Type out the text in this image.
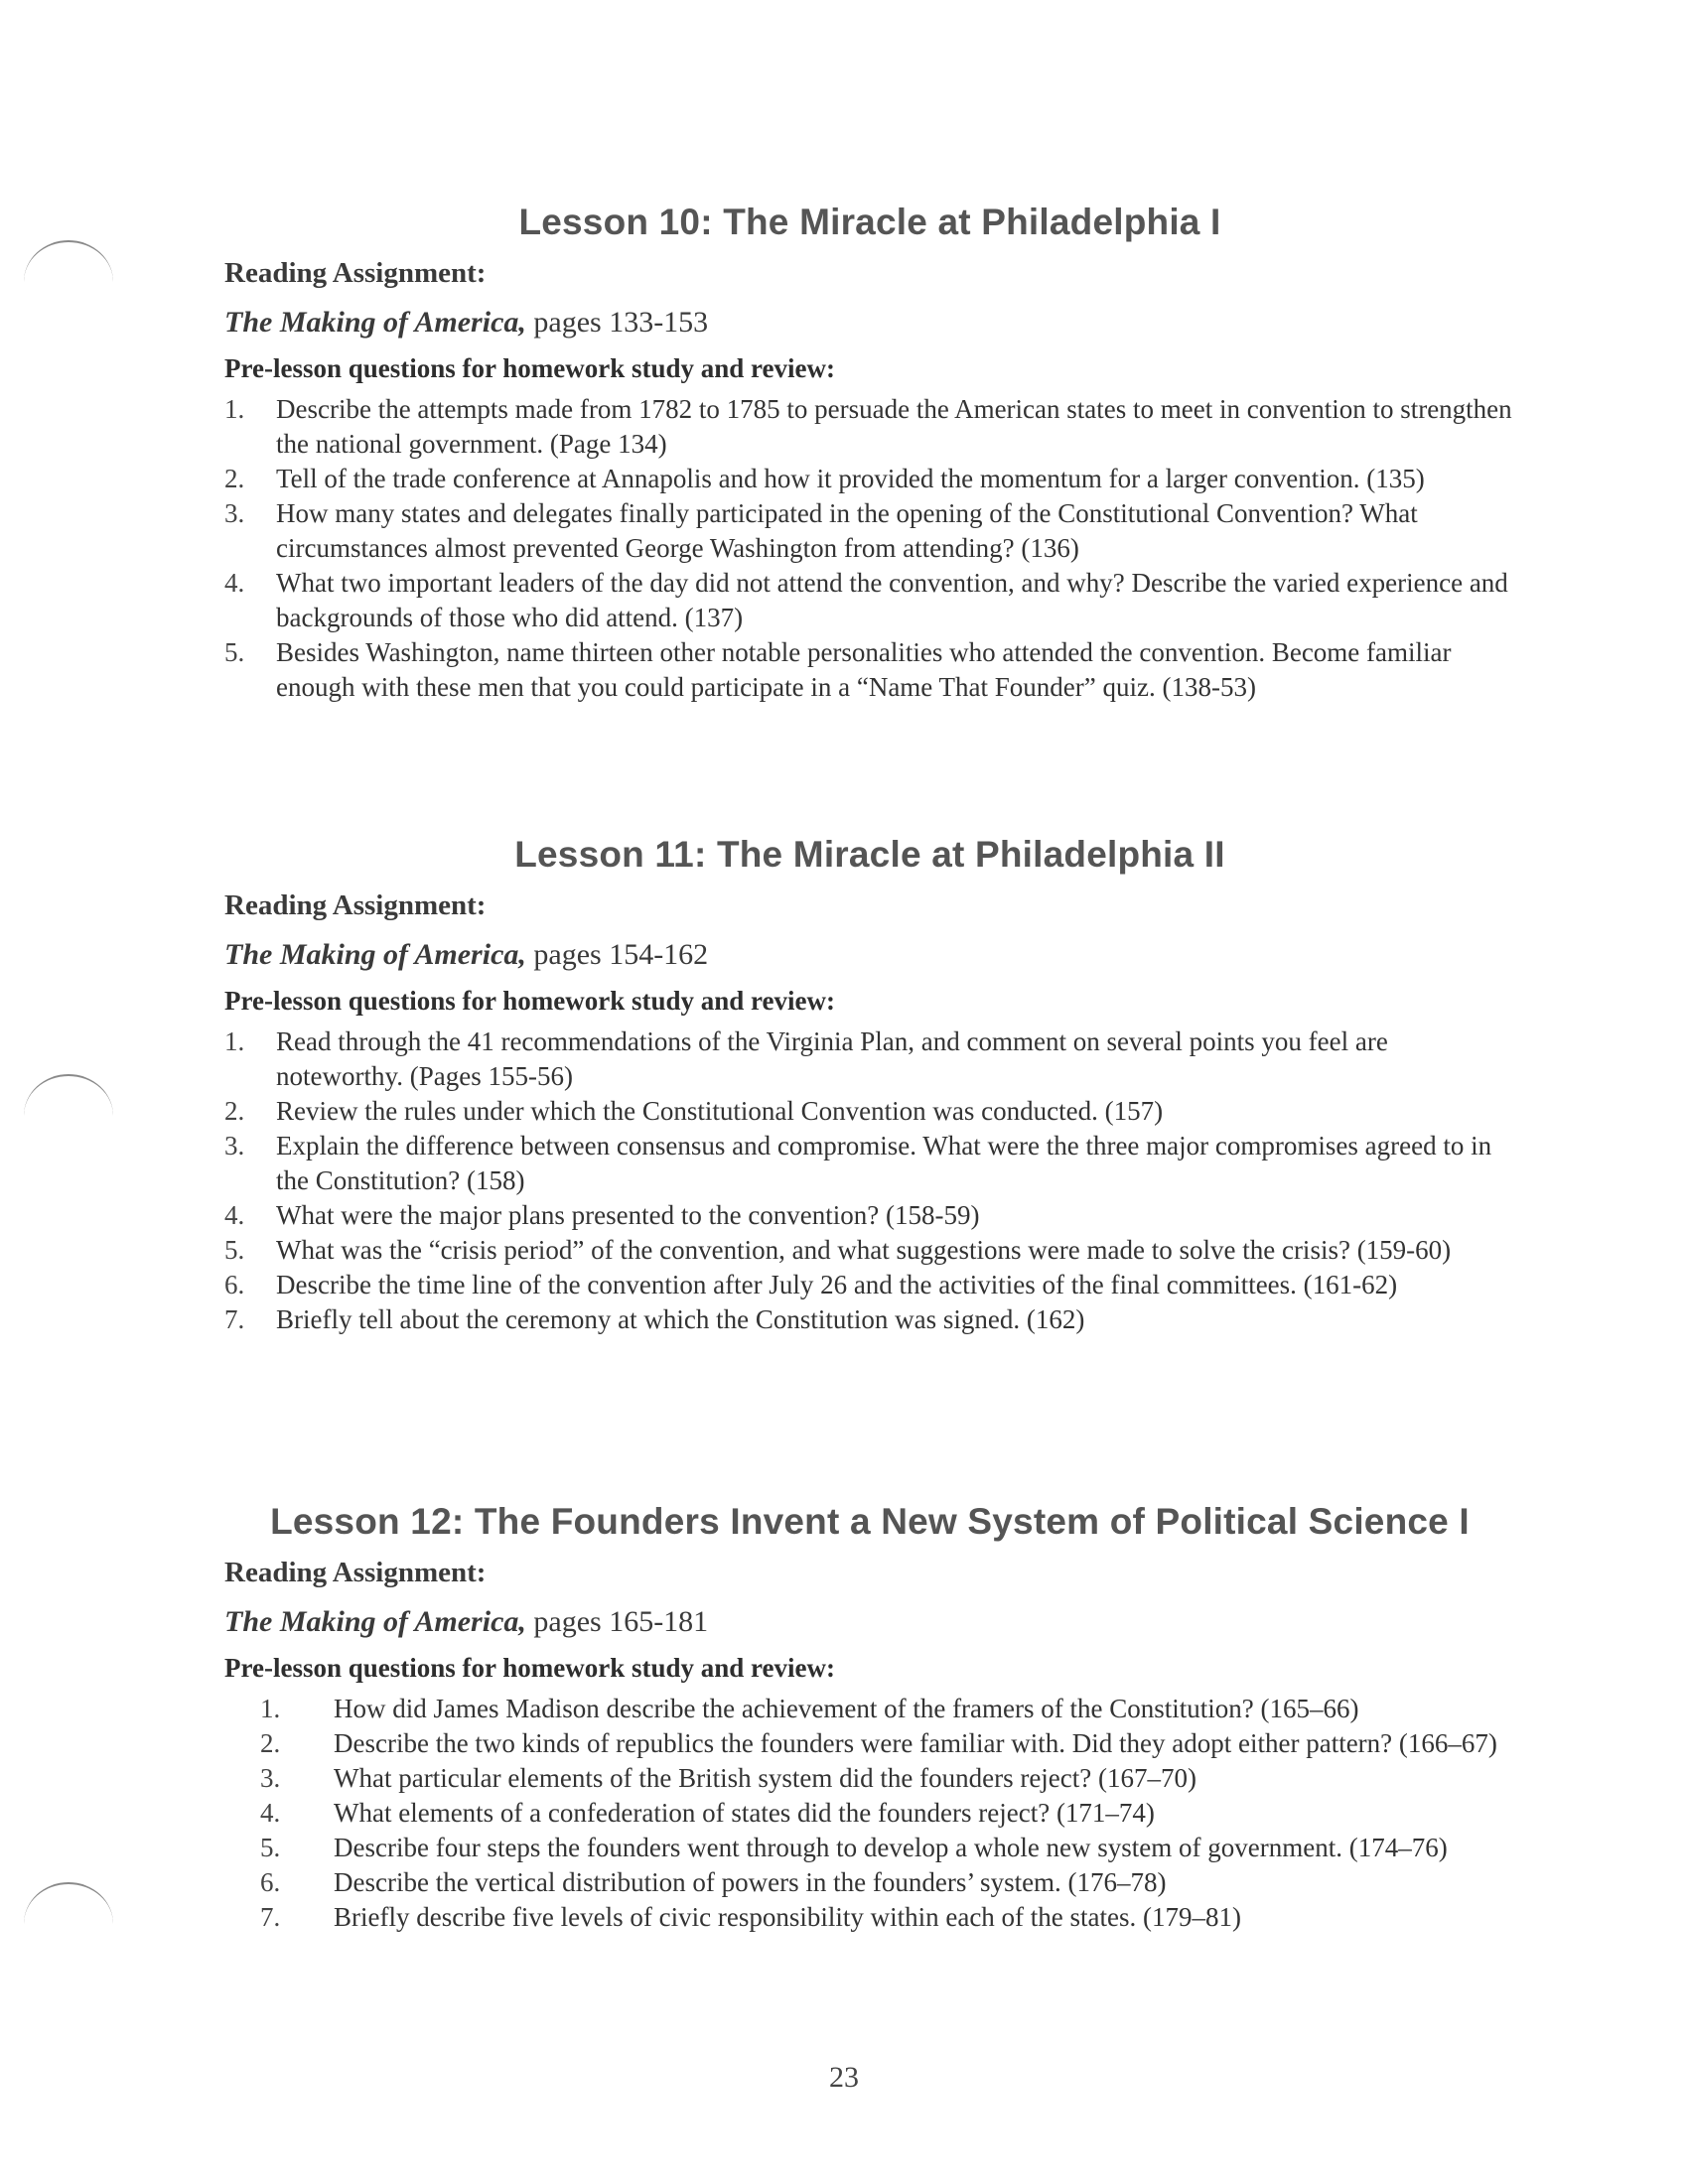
Lesson 10: The Miracle at Philadelphia I
Reading Assignment:
The Making of America, pages 133-153
Pre-lesson questions for homework study and review:
1.	Describe the attempts made from 1782 to 1785 to persuade the American states to meet in convention to strengthen the national government. (Page 134)
2.	Tell of the trade conference at Annapolis and how it provided the momentum for a larger convention. (135)
3.	How many states and delegates finally participated in the opening of the Constitutional Convention? What circumstances almost prevented George Washington from attending? (136)
4.	What two important leaders of the day did not attend the convention, and why? Describe the varied experience and backgrounds of those who did attend. (137)
5.	Besides Washington, name thirteen other notable personalities who attended the convention. Become familiar enough with these men that you could participate in a “Name That Founder” quiz. (138-53)
Lesson 11: The Miracle at Philadelphia II
Reading Assignment:
The Making of America, pages 154-162
Pre-lesson questions for homework study and review:
1.	Read through the 41 recommendations of the Virginia Plan, and comment on several points you feel are noteworthy. (Pages 155-56)
2.	Review the rules under which the Constitutional Convention was conducted. (157)
3.	Explain the difference between consensus and compromise. What were the three major compromises agreed to in the Constitution? (158)
4.	What were the major plans presented to the convention? (158-59)
5.	What was the “crisis period” of the convention, and what suggestions were made to solve the crisis? (159-60)
6.	Describe the time line of the convention after July 26 and the activities of the final committees. (161-62)
7.	Briefly tell about the ceremony at which the Constitution was signed. (162)
Lesson 12: The Founders Invent a New System of Political Science I
Reading Assignment:
The Making of America, pages 165-181
Pre-lesson questions for homework study and review:
1.	How did James Madison describe the achievement of the framers of the Constitution? (165–66)
2.	Describe the two kinds of republics the founders were familiar with. Did they adopt either pattern? (166–67)
3.	What particular elements of the British system did the founders reject? (167–70)
4.	What elements of a confederation of states did the founders reject? (171–74)
5.	Describe four steps the founders went through to develop a whole new system of government. (174–76)
6.	Describe the vertical distribution of powers in the founders’ system. (176–78)
7.	Briefly describe five levels of civic responsibility within each of the states. (179–81)
23
